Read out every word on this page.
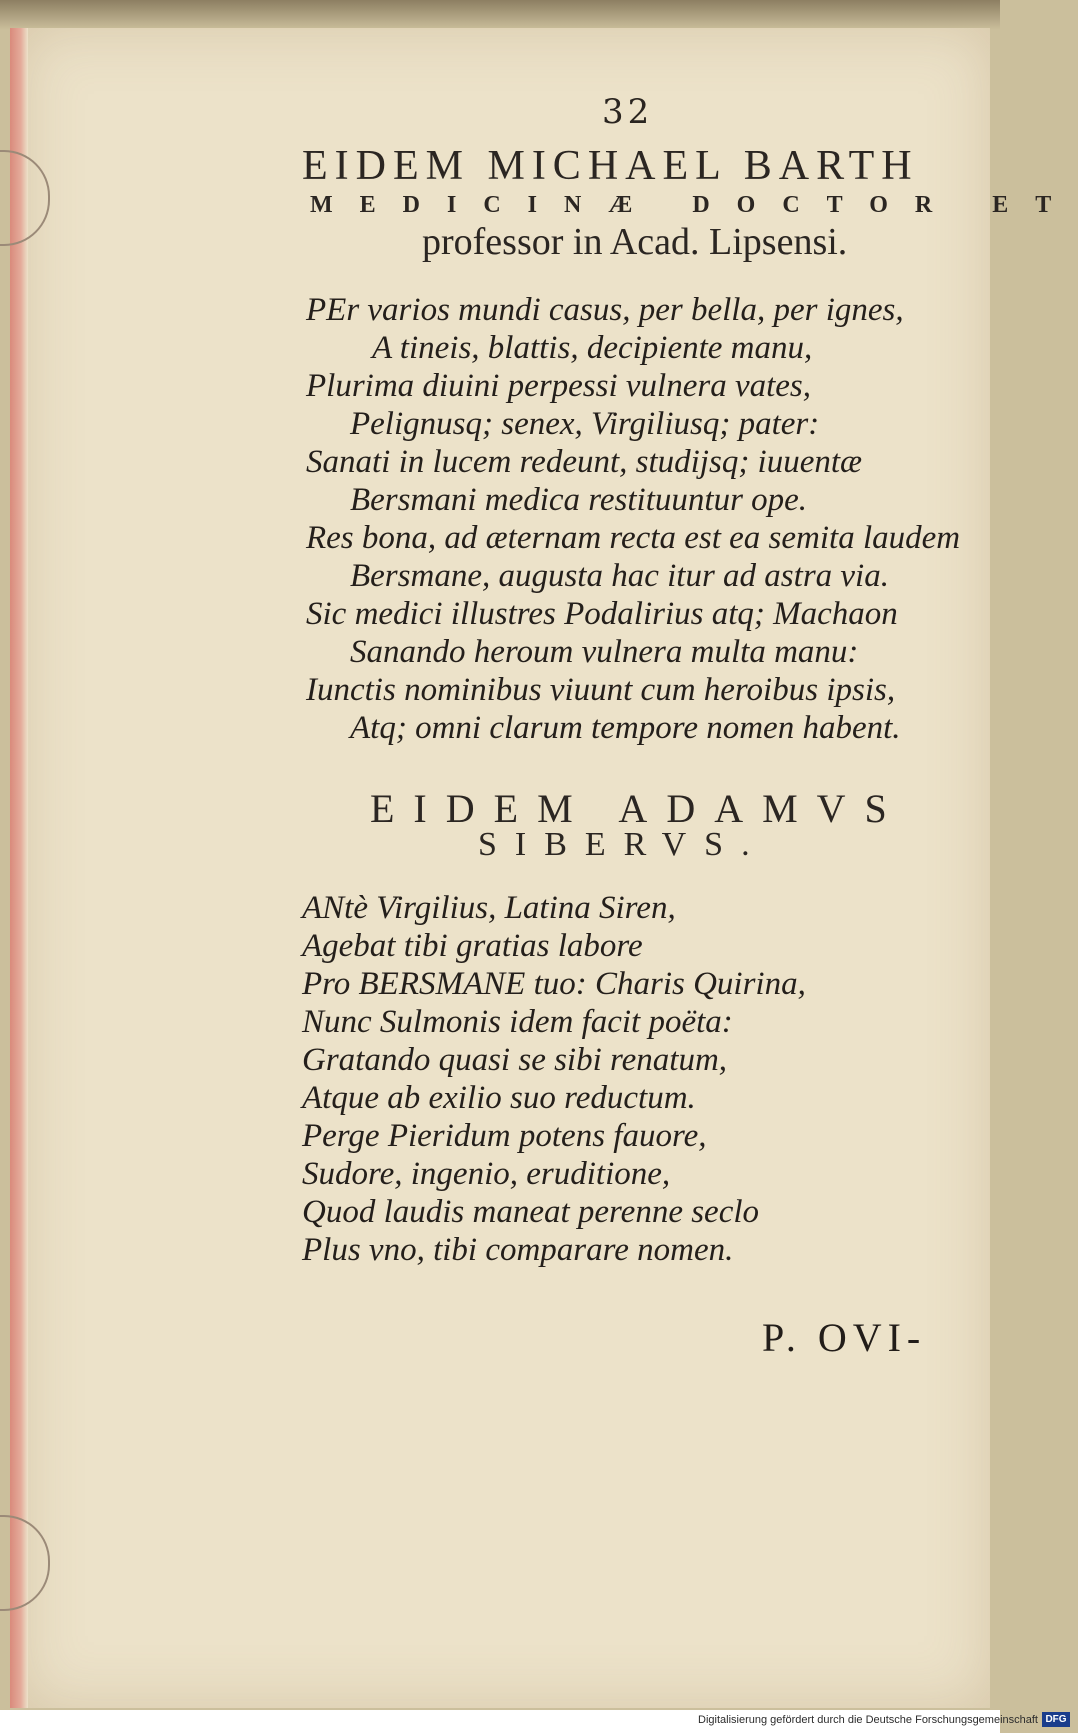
32
EIDEM MICHAEL BARTH
MEDICINÆ DOCTOR ET
professor in Acad. Lipsensi.
PEr varios mundi casus, per bella, per ignes,
A tineis, blattis, decipiente manu,
Plurima diuini perpessi vulnera vates,
Pelignusq; senex, Virgiliusq; pater:
Sanati in lucem redeunt, studijsq; iuuentæ
Bersmani medica restituuntur ope.
Res bona, ad æternam recta est ea semita laudem
Bersmane, augusta hac itur ad astra via.
Sic medici illustres Podalirius atq; Machaon
Sanando heroum vulnera multa manu:
Iunctis nominibus viuunt cum heroibus ipsis,
Atq; omni clarum tempore nomen habent.
EIDEM ADAMVS
SIBERVS.
ANtè Virgilius, Latina Siren,
Agebat tibi gratias labore
Pro BERSMANE tuo: Charis Quirina,
Nunc Sulmonis idem facit poëta:
Gratando quasi se sibi renatum,
Atque ab exilio suo reductum.
Perge Pieridum potens fauore,
Sudore, ingenio, eruditione,
Quod laudis maneat perenne seclo
Plus vno, tibi comparare nomen.
P. OVI-
Digitalisierung gefördert durch die Deutsche Forschungsgemeinschaft DFG
